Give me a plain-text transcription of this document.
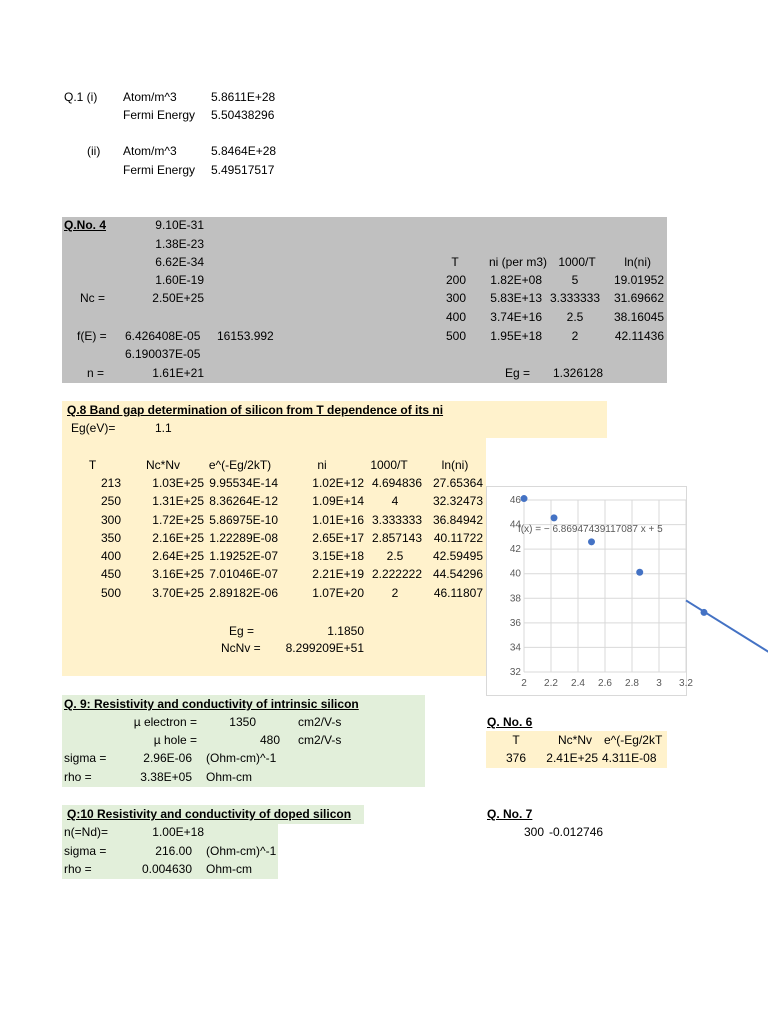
Q.1 (i) Atom/m^3	5.8611E+28
Fermi Energy 5.50438296
(ii) Atom/m^3	5.8464E+28
Fermi Energy 5.49517517
Q.No. 4	9.10E-31
1.38E-23
6.62E-34
1.60E-19
Nc =	2.50E+25
f(E) = 6.426408E-05 16153.992
6.190037E-05
n =	1.61E+21
T	ni (per m3) 1000/T	ln(ni)
200	1.82E+08	5	19.01952
300	5.83E+13 3.333333	31.69662
400	3.74E+16	2.5	38.16045
500	1.95E+18	2	42.11436
Eg = 1.326128
Q.8 Band gap determination of silicon from T dependence of its ni
Eg(eV)=	1.1
T	Nc*Nv	e^(-Eg/2kT)	ni	1000/T	ln(ni)
213	1.03E+25 9.95534E-14	1.02E+12 4.694836 27.65364
250	1.31E+25 8.36264E-12	1.09E+14	4	32.32473
300	1.72E+25 5.86975E-10	1.01E+16 3.333333 36.84942
350	2.16E+25 1.22289E-08	2.65E+17 2.857143 40.11722
400	2.64E+25 1.19252E-07	3.15E+18	2.5	42.59495
450	3.16E+25 7.01046E-07	2.21E+19 2.222222 44.54296
500	3.70E+25 2.89182E-06	1.07E+20	2	46.11807
Eg =	1.1850
NcNv =	8.299209E+51
32
34
36
38
40
42
44
46
2 2.2 2.4 2.6 2.8 3 3.2
f(x) = − 6.86947439117087 x + 5
Q. 9: Resistivity and conductivity of intrinsic silicon
µ electron =	1350	cm2/V-s
µ hole =	480 cm2/V-s
sigma =	2.96E-06 (Ohm-cm)^-1
rho =	3.38E+05 Ohm-cm
Q:10 Resistivity and conductivity of doped silicon
n(=Nd)=	1.00E+18
sigma =	216.00 (Ohm-cm)^-1
rho =	0.004630 Ohm-cm
Q. No. 6
T	Nc*Nv	e^(-Eg/2kT
376	2.41E+25 4.311E-08
Q. No. 7
300 -0.012746
